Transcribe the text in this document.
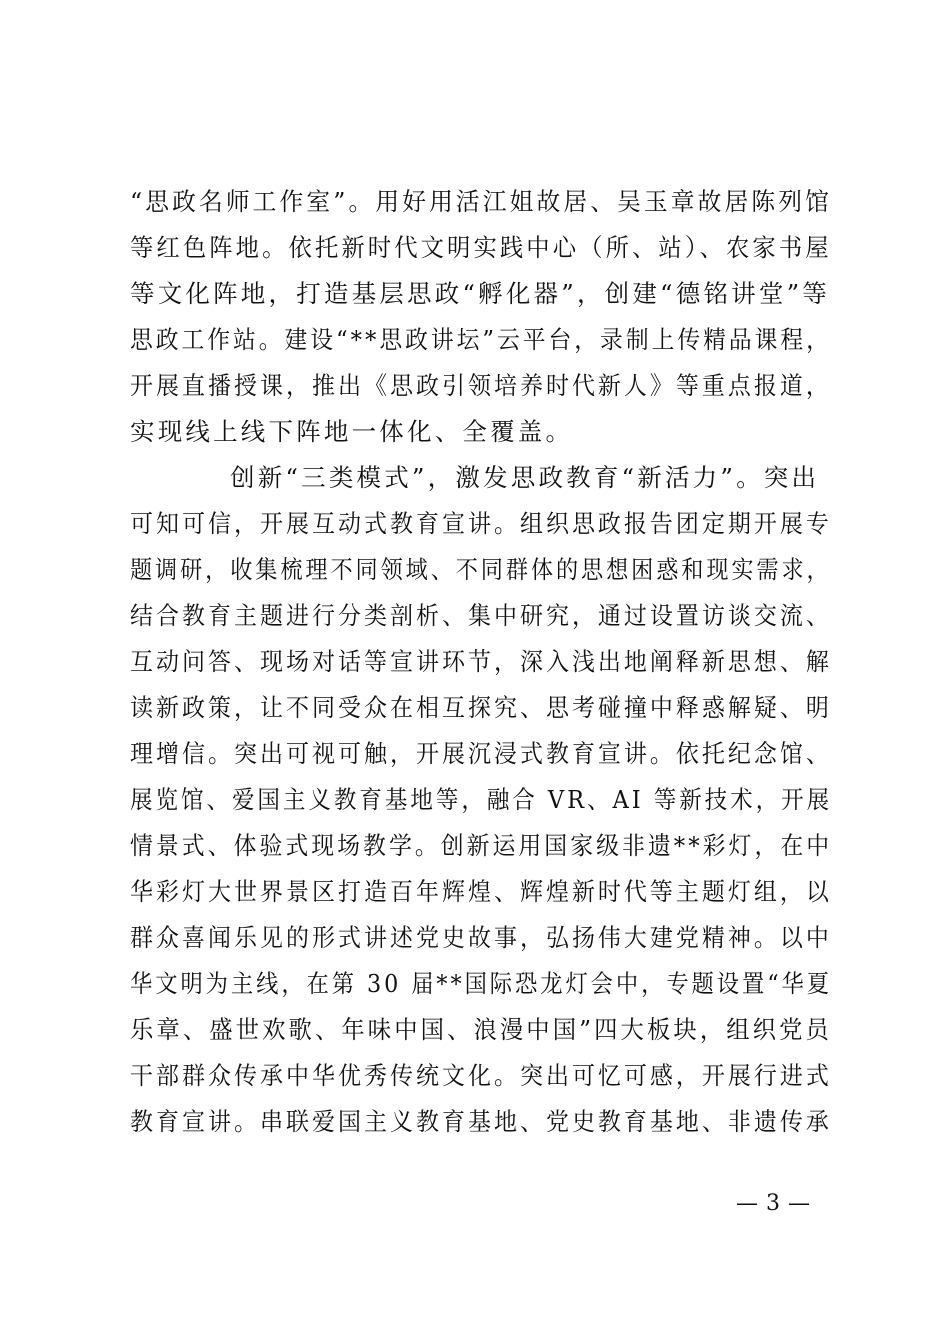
“思政名师工作室”。用好用活江姐故居、吴玉章故居陈列馆
等红色阵地。依托新时代文明实践中心（所、站）、农家书屋
等文化阵地，打造基层思政“孵化器”，创建“德铭讲堂”等
思政工作站。建设“**思政讲坛”云平台，录制上传精品课程，
开展直播授课，推出《思政引领培养时代新人》等重点报道，
实现线上线下阵地一体化、全覆盖。
创新“三类模式”，激发思政教育“新活力”。突出
可知可信，开展互动式教育宣讲。组织思政报告团定期开展专
题调研，收集梳理不同领域、不同群体的思想困惑和现实需求，
结合教育主题进行分类剖析、集中研究，通过设置访谈交流、
互动问答、现场对话等宣讲环节，深入浅出地阐释新思想、解
读新政策，让不同受众在相互探究、思考碰撞中释惑解疑、明
理增信。突出可视可触，开展沉浸式教育宣讲。依托纪念馆、
展览馆、爱国主义教育基地等，融合 VR、AI 等新技术，开展
情景式、体验式现场教学。创新运用国家级非遗**彩灯，在中
华彩灯大世界景区打造百年辉煌、辉煌新时代等主题灯组，以
群众喜闻乐见的形式讲述党史故事，弘扬伟大建党精神。以中
华文明为主线，在第 30 届**国际恐龙灯会中，专题设置“华夏
乐章、盛世欢歌、年味中国、浪漫中国”四大板块，组织党员
干部群众传承中华优秀传统文化。突出可忆可感，开展行进式
教育宣讲。串联爱国主义教育基地、党史教育基地、非遗传承
— 3 —
